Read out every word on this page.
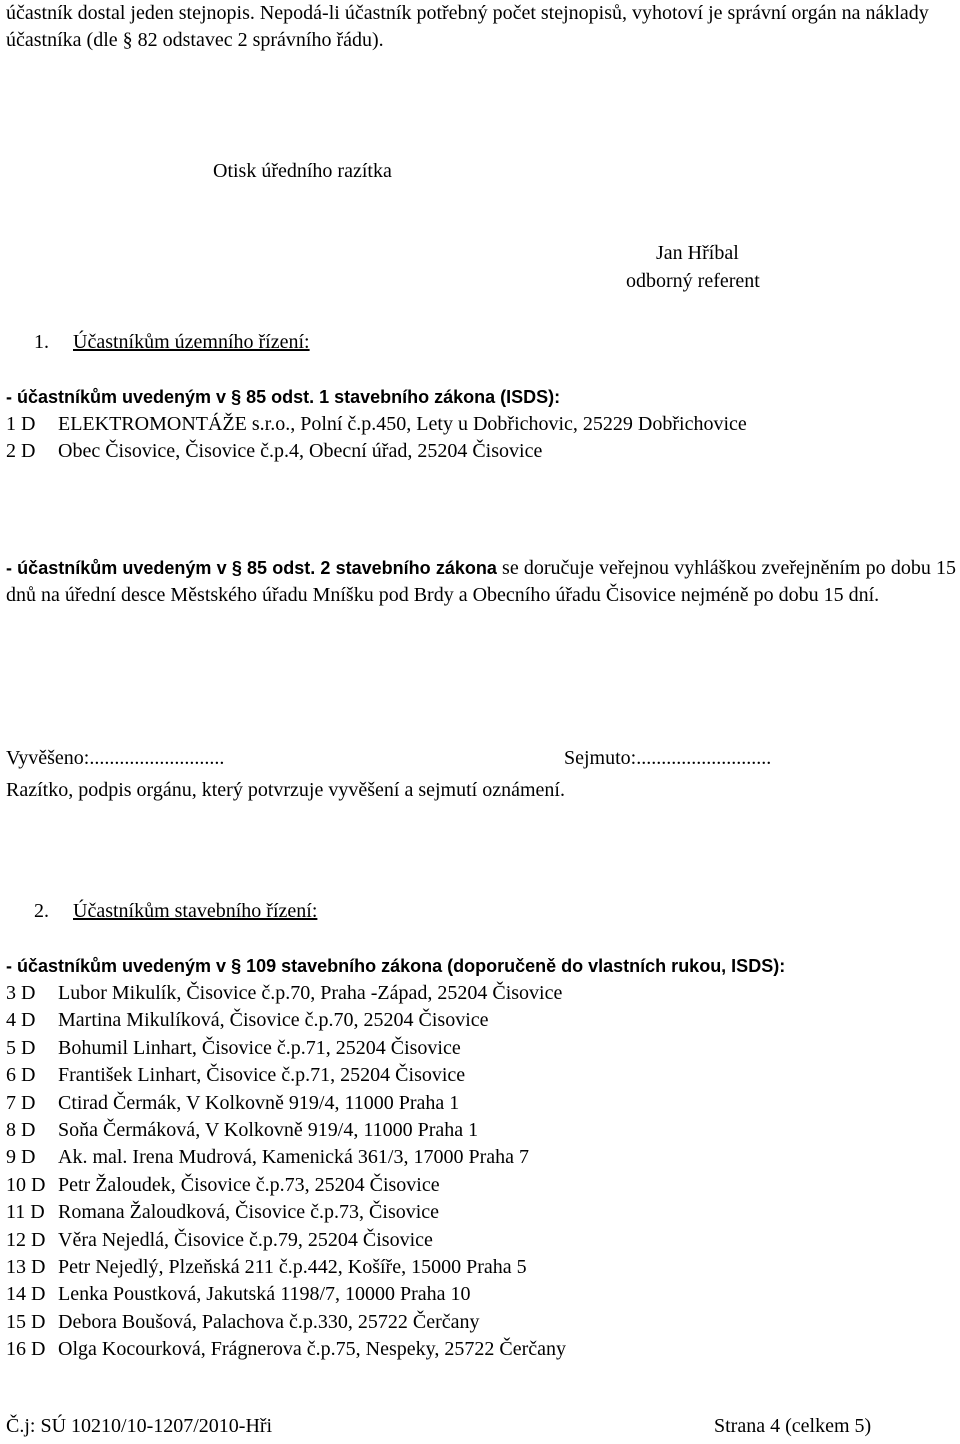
účastník dostal jeden stejnopis. Nepodá-li účastník potřebný počet stejnopisů, vyhotoví je správní orgán na náklady účastníka (dle § 82 odstavec 2 správního řádu).
Otisk úředního razítka
Jan Hříbal
odborný referent
1. Účastníkům územního řízení:
- účastníkům uvedeným v § 85 odst. 1 stavebního zákona (ISDS):
1 D ELEKTROMONTÁŽE s.r.o., Polní č.p.450, Lety u Dobřichovic, 25229 Dobřichovice
2 D Obec Čisovice, Čisovice č.p.4, Obecní úřad, 25204 Čisovice
- účastníkům uvedeným v § 85 odst. 2 stavebního zákona se doručuje veřejnou vyhláškou zveřejněním po dobu 15 dnů na úřední desce Městského úřadu Mníšku pod Brdy a Obecního úřadu Čisovice nejméně po dobu 15 dní.
Vyvěšeno:...........................	Sejmuto:...........................
Razítko, podpis orgánu, který potvrzuje vyvěšení a sejmutí oznámení.
2. Účastníkům stavebního řízení:
- účastníkům uvedeným v § 109 stavebního zákona (doporučeně do vlastních rukou, ISDS):
3 D Lubor Mikulík, Čisovice č.p.70, Praha -Západ, 25204 Čisovice
4 D Martina Mikulíková, Čisovice č.p.70, 25204 Čisovice
5 D Bohumil Linhart, Čisovice č.p.71, 25204 Čisovice
6 D František Linhart, Čisovice č.p.71, 25204 Čisovice
7 D Ctirad Čermák, V Kolkovně 919/4, 11000 Praha 1
8 D Soňa Čermáková, V Kolkovně 919/4, 11000 Praha 1
9 D Ak. mal. Irena Mudrová, Kamenická 361/3, 17000 Praha 7
10 D Petr Žaloudek, Čisovice č.p.73, 25204 Čisovice
11 D Romana Žaloudková, Čisovice č.p.73, Čisovice
12 D Věra Nejedlá, Čisovice č.p.79, 25204 Čisovice
13 D Petr Nejedlý, Plzeňská 211 č.p.442, Košíře, 15000 Praha 5
14 D Lenka Poustková, Jakutská 1198/7, 10000 Praha 10
15 D Debora Boušová, Palachova č.p.330, 25722 Čerčany
16 D Olga Kocourková, Frágnerova č.p.75, Nespeky, 25722 Čerčany
Č.j: SÚ 10210/10-1207/2010-Hři	Strana 4 (celkem 5)
